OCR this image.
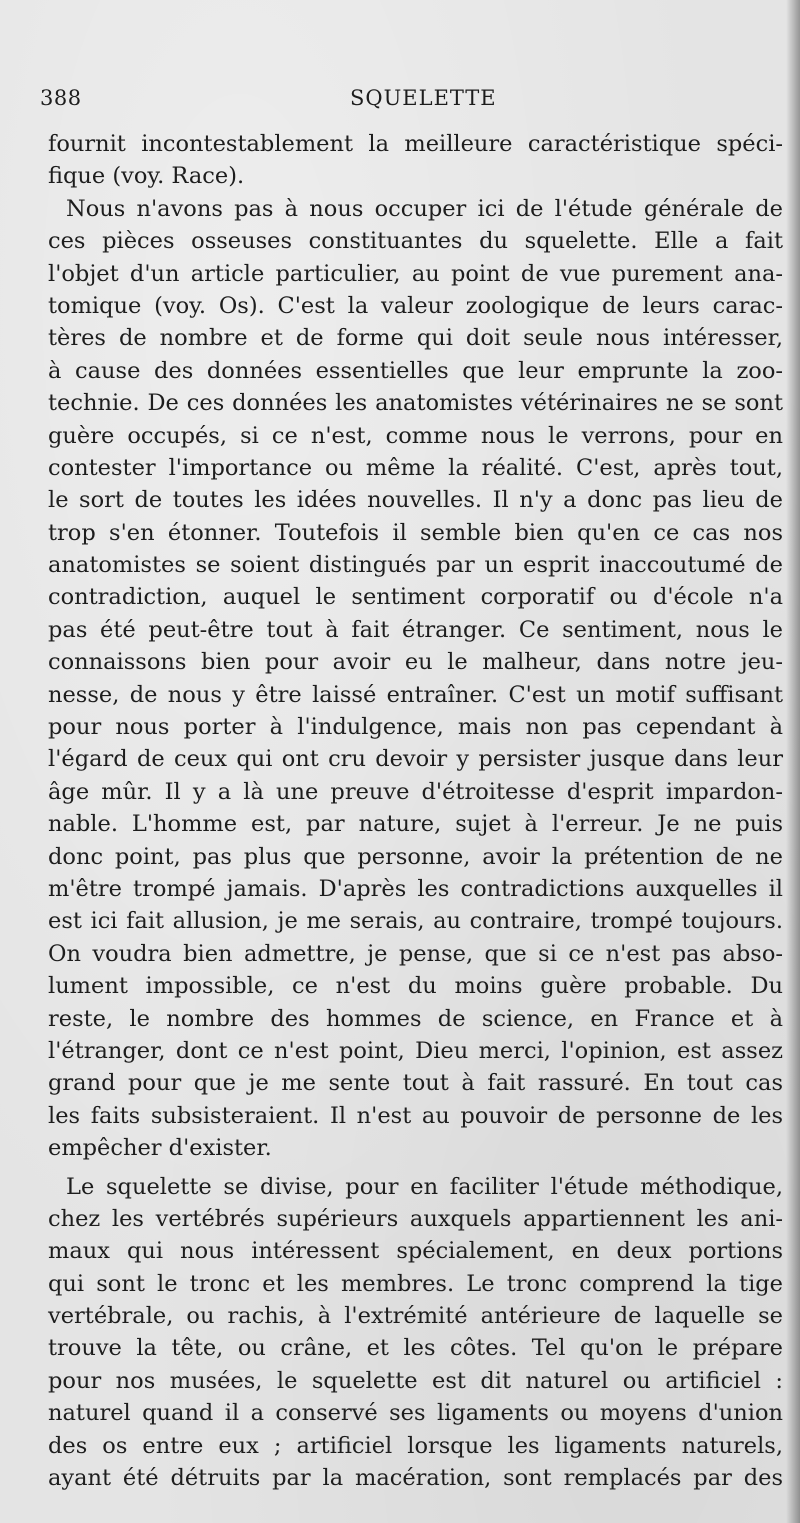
388	SQUELETTE
fournit incontestablement la meilleure caractéristique spéci-
fique (voy. Race).
Nous n'avons pas à nous occuper ici de l'étude générale de
ces pièces osseuses constituantes du squelette. Elle a fait
l'objet d'un article particulier, au point de vue purement ana-
tomique (voy. Os). C'est la valeur zoologique de leurs carac-
tères de nombre et de forme qui doit seule nous intéresser,
à cause des données essentielles que leur emprunte la zoo-
technie. De ces données les anatomistes vétérinaires ne se sont
guère occupés, si ce n'est, comme nous le verrons, pour en
contester l'importance ou même la réalité. C'est, après tout,
le sort de toutes les idées nouvelles. Il n'y a donc pas lieu de
trop s'en étonner. Toutefois il semble bien qu'en ce cas nos
anatomistes se soient distingués par un esprit inaccoutumé de
contradiction, auquel le sentiment corporatif ou d'école n'a
pas été peut-être tout à fait étranger. Ce sentiment, nous le
connaissons bien pour avoir eu le malheur, dans notre jeu-
nesse, de nous y être laissé entraîner. C'est un motif suffisant
pour nous porter à l'indulgence, mais non pas cependant à
l'égard de ceux qui ont cru devoir y persister jusque dans leur
âge mûr. Il y a là une preuve d'étroitesse d'esprit impardon-
nable. L'homme est, par nature, sujet à l'erreur. Je ne puis
donc point, pas plus que personne, avoir la prétention de ne
m'être trompé jamais. D'après les contradictions auxquelles il
est ici fait allusion, je me serais, au contraire, trompé toujours.
On voudra bien admettre, je pense, que si ce n'est pas abso-
lument impossible, ce n'est du moins guère probable. Du
reste, le nombre des hommes de science, en France et à
l'étranger, dont ce n'est point, Dieu merci, l'opinion, est assez
grand pour que je me sente tout à fait rassuré. En tout cas
les faits subsisteraient. Il n'est au pouvoir de personne de les
empêcher d'exister.
Le squelette se divise, pour en faciliter l'étude méthodique,
chez les vertébrés supérieurs auxquels appartiennent les ani-
maux qui nous intéressent spécialement, en deux portions
qui sont le tronc et les membres. Le tronc comprend la tige
vertébrale, ou rachis, à l'extrémité antérieure de laquelle se
trouve la tête, ou crâne, et les côtes. Tel qu'on le prépare
pour nos musées, le squelette est dit naturel ou artificiel :
naturel quand il a conservé ses ligaments ou moyens d'union
des os entre eux ; artificiel lorsque les ligaments naturels,
ayant été détruits par la macération, sont remplacés par des
